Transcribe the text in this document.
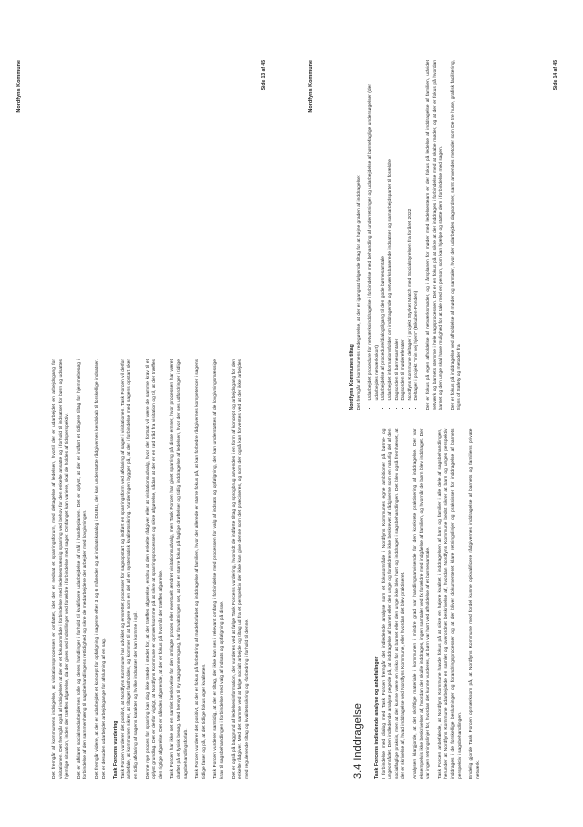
Nordfyns Kommune

Det fremgår af kommunens indsigelse, at visitationsprocessen er omfattet, idet der er nedsat et sparringsforum, med deltagelse af ledelsen, hvortil der er udarbejdet en arbejdsgang for visitationen. Det fremgår også af indsigelsen at der er et fokusområde i forbindelse med ledelsesmæssig sparring ved behov for den enkelte ansatte og i forhold til indsatser for børn og udsattes hjemlige situation, inden der træffes afgørelse, da der gives ved indstillinger ved forældre i forbindelse med sager. Omfanget kan variere, skal de holdes af tidsperspektiv.	Det er afklaret socialmedarbejdernes rolle og deres handlinger i forhold til kvalificere udarbejdelse af mål i handleplanen. Det er oplyst, at der er indført et tidligere tiltag for hjemmebesøg i forbindelse af den sammenhæng til sagsbehandlingens rettidighed og sikre de medarbejdere der arbejder med lovgivningen.	Det fremgår videre, at der er udarbejdet et koncept for opfølgning i sagerne efter 3 og 6 måneder og at indsatskatalog i DUBU, der kan understøtte rådgivernes kendskab til forskellige indsatser. Det er desuden udarbejdet arbejdsgange for afslutning af en sag.	Task Forcens vurdering Task Forcen vurderer det positivt, at Nordfyns Kommune har udviklet og ensrettet processer for sagsopstart og indført en sparringsform ved afklaring af sager i visitationen. Task Forcen vil derfor anbefale, at kommunen sikrer, at tiltaget fastholdes, og kommer til at fungere som en del af en systematisk kvalitetssikring. Vurderingen bygger på, at der i forbindelse med sagens opstart sker en tidlig afklaring af sagens karakter og hvilke indsatser der kan komme i spil.	Denne nye proces for sparring kan dog ikke træde i stedet for, at der træffes afgørelse, endnu at den enkelte rådgiver eller at visitationsudvalg, hvor der fortsat vil være de samme krav til et oplyst grundlag. Det er derfor vigtigt, at Nordfyns Kommune er opmærksomme på at sikre at sparringsprocessen og sikre afgørelse, sådan at der er en rød tråd fra visitation og til, at der træffes den rigtige afgørelse. Det er således afgørende, at der er fokus på hvornår der træffes afgørelse.	Task Forcen har ikke set en samlet beskrivelse for den omlagte proces eller eventuelt ændret visitationsudvalg, men Task Forcen har givet sparring på disse emner, hvor processen har været drøftet på et fysisk besøg. Med hensyn til ny sagsgennemgang, har forvaltningen set, at der er større fokus på faglige drøftelser og tidlig inddragelse af ledelsen, hvor der ses udfordringer i tidlige sagsbehandlingsforløb.	Task Forcen vurderer det positivt, at der er fokus på forbedring af mødeforløbet og inddragelse af familien, hvor der allerede er større fokus på, at kan forbedre rådgivernes kompetencer i sagens tidlige faser og på, at det tidlige fokus øger kvaliteten.	Task Forcen vurderer samtidig, at der er tiltag, der ikke kan ses i relevant omfang i forbindelse med processen for valg af indsats og opfølgning, der kan understøttes af de lovgivningsmæssige krav til sagsbehandlingen i forbindelse med valg af indsats og opfølgning på disse.	Det er også på baggrund af ledelsesinformation, der vurderes ved at følge Task Forcens vurdering, hvorvidt de indførte tiltag og sprogbrug anvendes i en form af koncept og arbejdsgang for den enkelte rådgiver. Med det samme ved at følge socialt arbejde og tiltag ud fra et perspektiv der ikke kan give denne som det præciseres, og som der også kan forventes ved at der ikke arbejdes med regulerende tiltag og kvalitetssikring og -forbedring i forhold til denne.

Side 13 af 45	Nordfyns Kommune
3.4 Inddragelse Task Forcens indledende analyse og anbefalinger I forbindelse med dialog med Task Forcen fremgår det indledende analyse som et fokusområde i Nordfyns Kommunes egne ambitioner på børne- og ungeområdet. Den indledende analyse pegede på, at inddragelse af barnet eller den unge og forældrene ikke beskrevet af rådgiverne som en naturlig del af den socialfaglige praksis, men at der kunne være en risiko for at barnet eller den unge ikke blev hørt og inddraget i sagsbehandlingen. Det blev også fremhævet, at der er skrivelse af, hvad inddragelse ved Nordfyns Kommune, eller hvordan det blev praktiseret.	Analysen klargjorde, at det skriftlige materiale i kommunen i mindre grad var handlingsanvisende for den konkrete praktisering af inddragelse. Der var eksempelvis ikke beskrivelser af, hvordan der skulle inddrages, ingen samtaler ved fx forældre med indgåelse af familien, og hvornår de børn blev inddraget. Der var ingen retningslinjer for, hvordan det kunne vurderes, at børn var hørt ved afholdelse af et børnesamtale.	Task Forcen anbefalede, at Nordfyns Kommune havde fokus på at sikre en højere kvalitet i inddragelsen af barn og familier i alle dele af sagsbehandlingen, herunder at Nordfyns Kommune udarbejdede en samlet og overordnet beskrivelse af, hvordan Nordfyns Kommune bedst sikrer at barn og unges perspektiv inddrages i de forskellige beslutninger og forandringsprocesser og at der bliver dokumenteret klare retningslinjer og praksisser for inddragelse af barnets perspektiv i sagsbehandlingen.	Endelig gjorde Task Forcen opmærksom på, at Nordfyns Kommune med fordel kunne opkvalificere rådgivernes inddragelse af barnets og familiens private netværk.

Nordfyns Kommunes tiltag Det fremgår af kommunens redegørelse, at der er igangsat følgende tiltag for at højne graden af inddragelse:	• Udarbejdet procedure for netværksinddragelse i forbindelse med behandling af underretninger og udarbejdelse af børnefaglige undersøgelser (der udarbejdes netværkskort) • Udarbejdelse af procedure/dialogtilgang til den gode børnesamtale • Udarbejdet informationsfolder om inddragende og netværksbaserede indsatser og samarbejdsparter til forældre • Dagsorden til børnesamtaler • Dagsorden til mødereferater • Nordfyns Kommune deltager i projekt Styrket Match med Socialstyrelsen fra foråret 2022 • Deltager i projekt "min vej hjem" (Bikuben-Fonden)	Der er fokus på egen afholdelse af netværksmøder, og i årsplanen for møder med ledelsesteam er der fokus på ledelse af inddragelse af familien, udvidet netværk og barnets stemme i hele sagsprocessen. Det er en fokus på at sikre at der inddrages i forbindelse med at skabe møder, og at der er fokus på hvordan barnet og den unge skal have mulighed for at tale med en person, som kan hjælpe og støtte dem i forbindelse med sagen.	Der er fokus på inddragelse ved afholdelse af møder og samtaler, hvor der udarbejdes dagsordner, samt anvendes metoder som De tre huse, grafisk facilitering, Signs of Safety og metoder fra

Side 14 af 45
